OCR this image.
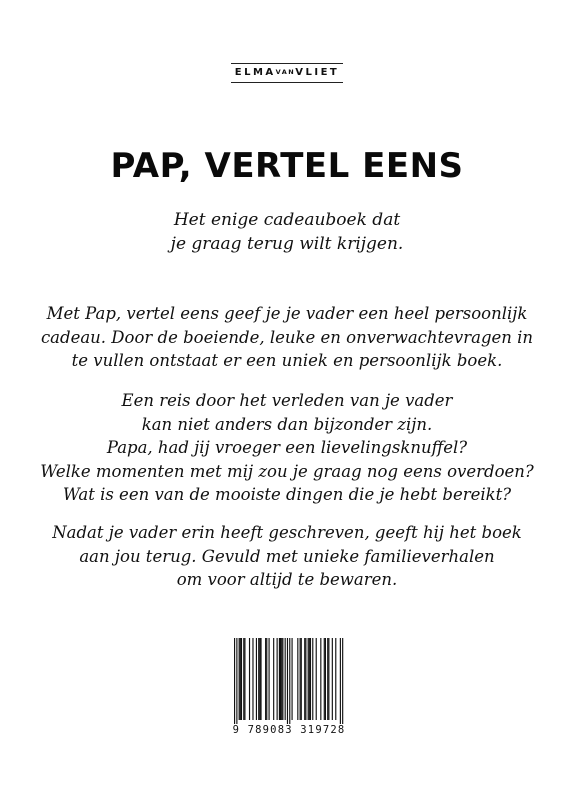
ELMAVANVLIET
PAP, VERTEL EENS
Het enige cadeauboek dat
je graag terug wilt krijgen.
Met Pap, vertel eens geef je je vader een heel persoonlijk
cadeau. Door de boeiende, leuke en onverwachtevragen in
te vullen ontstaat er een uniek en persoonlijk boek.
Een reis door het verleden van je vader
kan niet anders dan bijzonder zijn.
Papa, had jij vroeger een lievelingsknuffel?
Welke momenten met mij zou je graag nog eens overdoen?
Wat is een van de mooiste dingen die je hebt bereikt?
Nadat je vader erin heeft geschreven, geeft hij het boek
aan jou terug. Gevuld met unieke familieverhalen
om voor altijd te bewaren.
9 789083 319728
